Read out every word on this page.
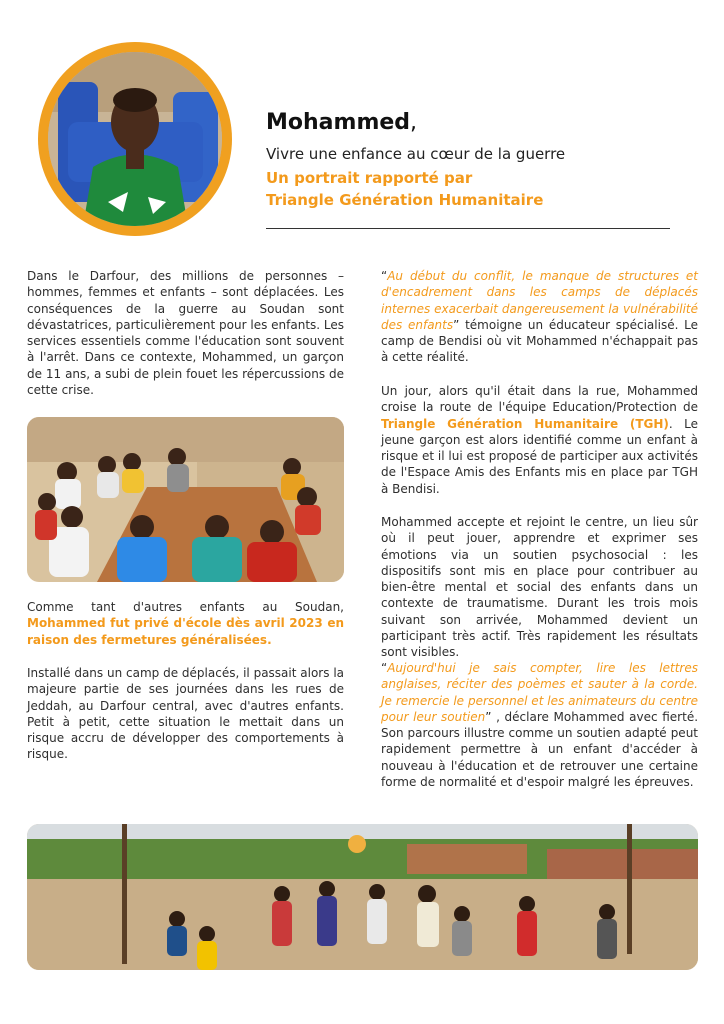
Mohammed,
Vivre une enfance au cœur de la guerre
Un portrait rapporté par
Triangle Génération Humanitaire
Dans le Darfour, des millions de personnes – hommes, femmes et enfants – sont déplacées. Les conséquences de la guerre au Soudan sont dévastatrices, particulièrement pour les enfants. Les services essentiels comme l'éducation sont souvent à l'arrêt. Dans ce contexte, Mohammed, un garçon de 11 ans, a subi de plein fouet les répercussions de cette crise.
Comme tant d'autres enfants au Soudan, Mohammed fut privé d'école dès avril 2023 en raison des fermetures généralisées.
Installé dans un camp de déplacés, il passait alors la majeure partie de ses journées dans les rues de Jeddah, au Darfour central, avec d'autres enfants. Petit à petit, cette situation le mettait dans un risque accru de développer des comportements à risque.
“Au début du conflit, le manque de structures et d'encadrement dans les camps de déplacés internes exacerbait dangereusement la vulnérabilité des enfants” témoigne un éducateur spécialisé. Le camp de Bendisi où vit Mohammed n'échappait pas à cette réalité.
Un jour, alors qu'il était dans la rue, Mohammed croise la route de l'équipe Education/Protection de Triangle Génération Humanitaire (TGH). Le jeune garçon est alors identifié comme un enfant à risque et il lui est proposé de participer aux activités de l'Espace Amis des Enfants mis en place par TGH à Bendisi.
Mohammed accepte et rejoint le centre, un lieu sûr où il peut jouer, apprendre et exprimer ses émotions via un soutien psychosocial : les dispositifs sont mis en place pour contribuer au bien-être mental et social des enfants dans un contexte de traumatisme. Durant les trois mois suivant son arrivée, Mohammed devient un participant très actif. Très rapidement les résultats sont visibles.
“Aujourd'hui je sais compter, lire les lettres anglaises, réciter des poèmes et sauter à la corde. Je remercie le personnel et les animateurs du centre pour leur soutien” , déclare Mohammed avec fierté. Son parcours illustre comme un soutien adapté peut rapidement permettre à un enfant d'accéder à nouveau à l'éducation et de retrouver une certaine forme de normalité et d'espoir malgré les épreuves.
